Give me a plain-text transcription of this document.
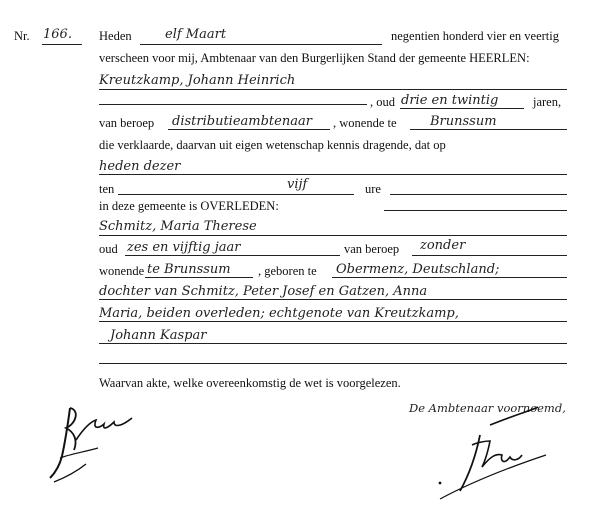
Nr. 166. Heden	elf Maart	negentien honderd vier en veertig
verscheen voor mij, Ambtenaar van den Burgerlijken Stand der gemeente HEERLEN:
Kreutzkamp, Johann Heinrich
, oud drie en twintig	jaren,
van beroep distributieambtenaar , wonende te	Brunssum
die verklaarde, daarvan uit eigen wetenschap kennis dragende, dat op
heden dezer
ten	vijf	ure
in deze gemeente is OVERLEDEN:
Schmitz, Maria Therese
oud zes en vijftig jaar	van beroep zonder
wonende te Brunssum , geboren te Obermenz, Deutschland;
dochter van Schmitz, Peter Josef en Gatzen, Anna
Maria, beiden overleden; echtgenote van Kreutzkamp,
Johann Kaspar
Waarvan akte, welke overeenkomstig de wet is voorgelezen.
De Ambtenaar voornoemd,
